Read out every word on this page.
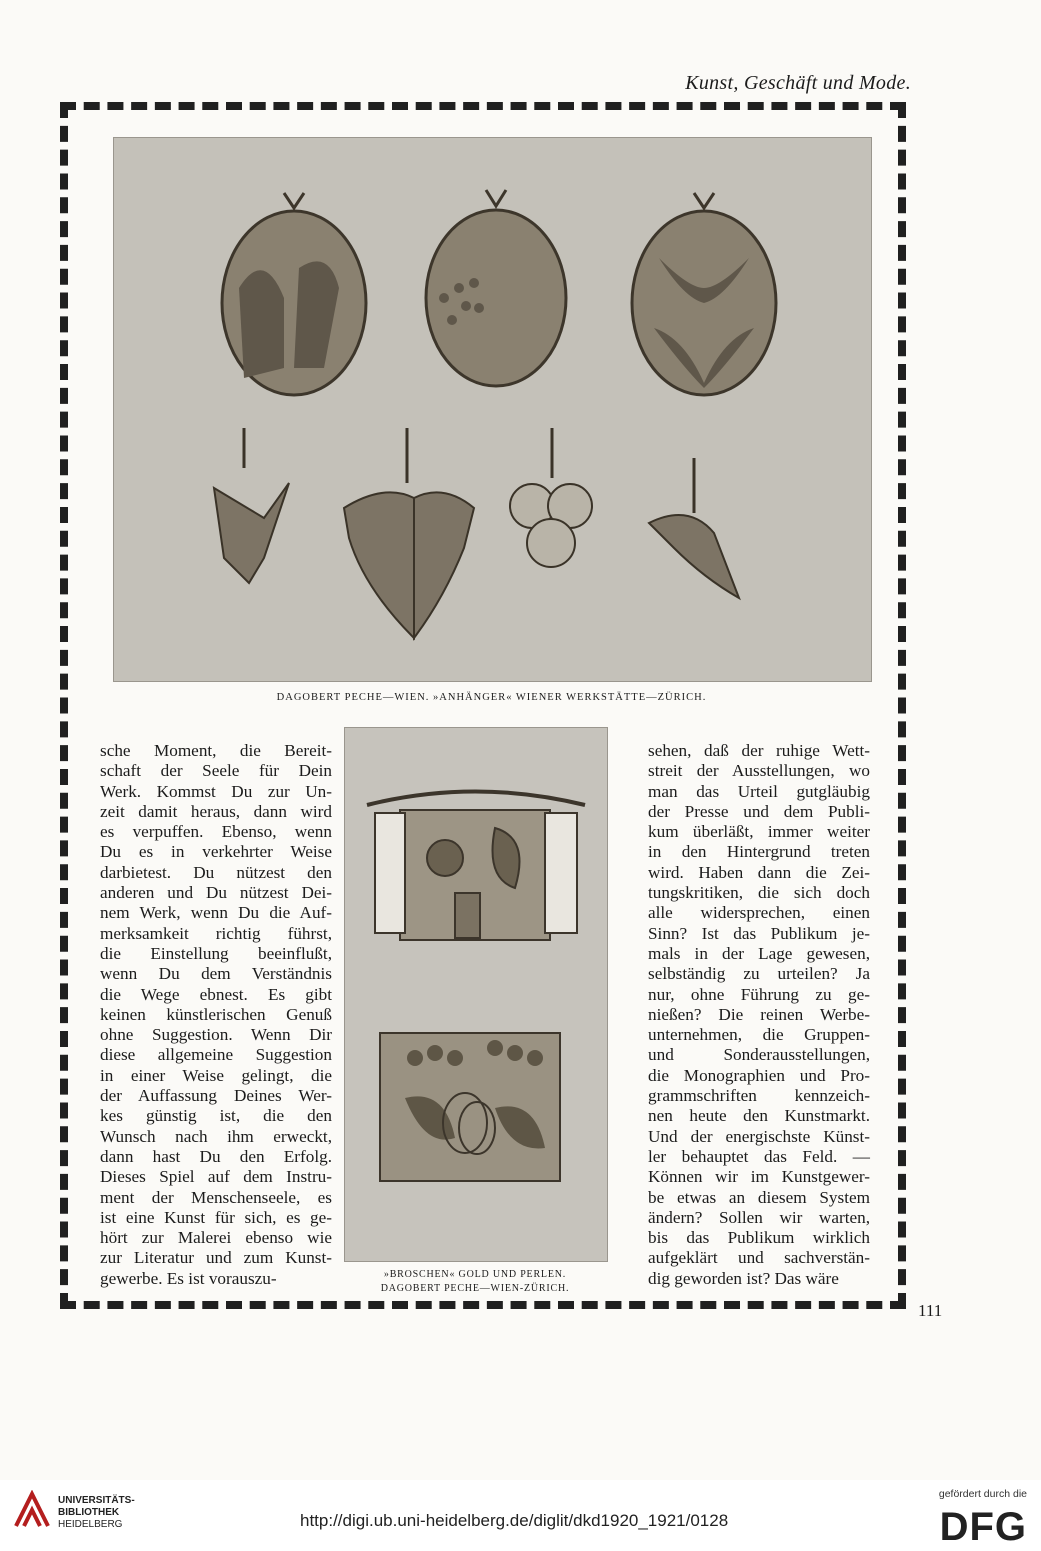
Kunst, Geschäft und Mode.
DAGOBERT PECHE—WIEN. »ANHÄNGER« WIENER WERKSTÄTTE—ZÜRICH.
sche Moment, die Bereit-
schaft der Seele für Dein
Werk. Kommst Du zur Un-
zeit damit heraus, dann wird
es verpuffen. Ebenso, wenn
Du es in verkehrter Weise
darbietest. Du nützest den
anderen und Du nützest Dei-
nem Werk, wenn Du die Auf-
merksamkeit richtig führst,
die Einstellung beeinflußt,
wenn Du dem Verständnis
die Wege ebnest. Es gibt
keinen künstlerischen Genuß
ohne Suggestion. Wenn Dir
diese allgemeine Suggestion
in einer Weise gelingt, die
der Auffassung Deines Wer-
kes günstig ist, die den
Wunsch nach ihm erweckt,
dann hast Du den Erfolg.
Dieses Spiel auf dem Instru-
ment der Menschenseele, es
ist eine Kunst für sich, es ge-
hört zur Malerei ebenso wie
zur Literatur und zum Kunst-
gewerbe. Es ist vorauszu-	»BROSCHEN« GOLD UND PERLEN.
DAGOBERT PECHE—WIEN-ZÜRICH.
sehen, daß der ruhige Wett-
streit der Ausstellungen, wo
man das Urteil gutgläubig
der Presse und dem Publi-
kum überläßt, immer weiter
in den Hintergrund treten
wird. Haben dann die Zei-
tungskritiken, die sich doch
alle widersprechen, einen
Sinn? Ist das Publikum je-
mals in der Lage gewesen,
selbständig zu urteilen? Ja
nur, ohne Führung zu ge-
nießen? Die reinen Werbe-
unternehmen, die Gruppen-
und Sonderausstellungen,
die Monographien und Pro-
grammschriften kennzeich-
nen heute den Kunstmarkt.
Und der energischste Künst-
ler behauptet das Feld. —
Können wir im Kunstgewer-
be etwas an diesem System
ändern? Sollen wir warten,
bis das Publikum wirklich
aufgeklärt und sachverstän-
dig geworden ist? Das wäre
111
UNIVERSITÄTS-
BIBLIOTHEK
HEIDELBERG	http://digi.ub.uni-heidelberg.de/diglit/dkd1920_1921/0128
gefördert durch die
DFG
